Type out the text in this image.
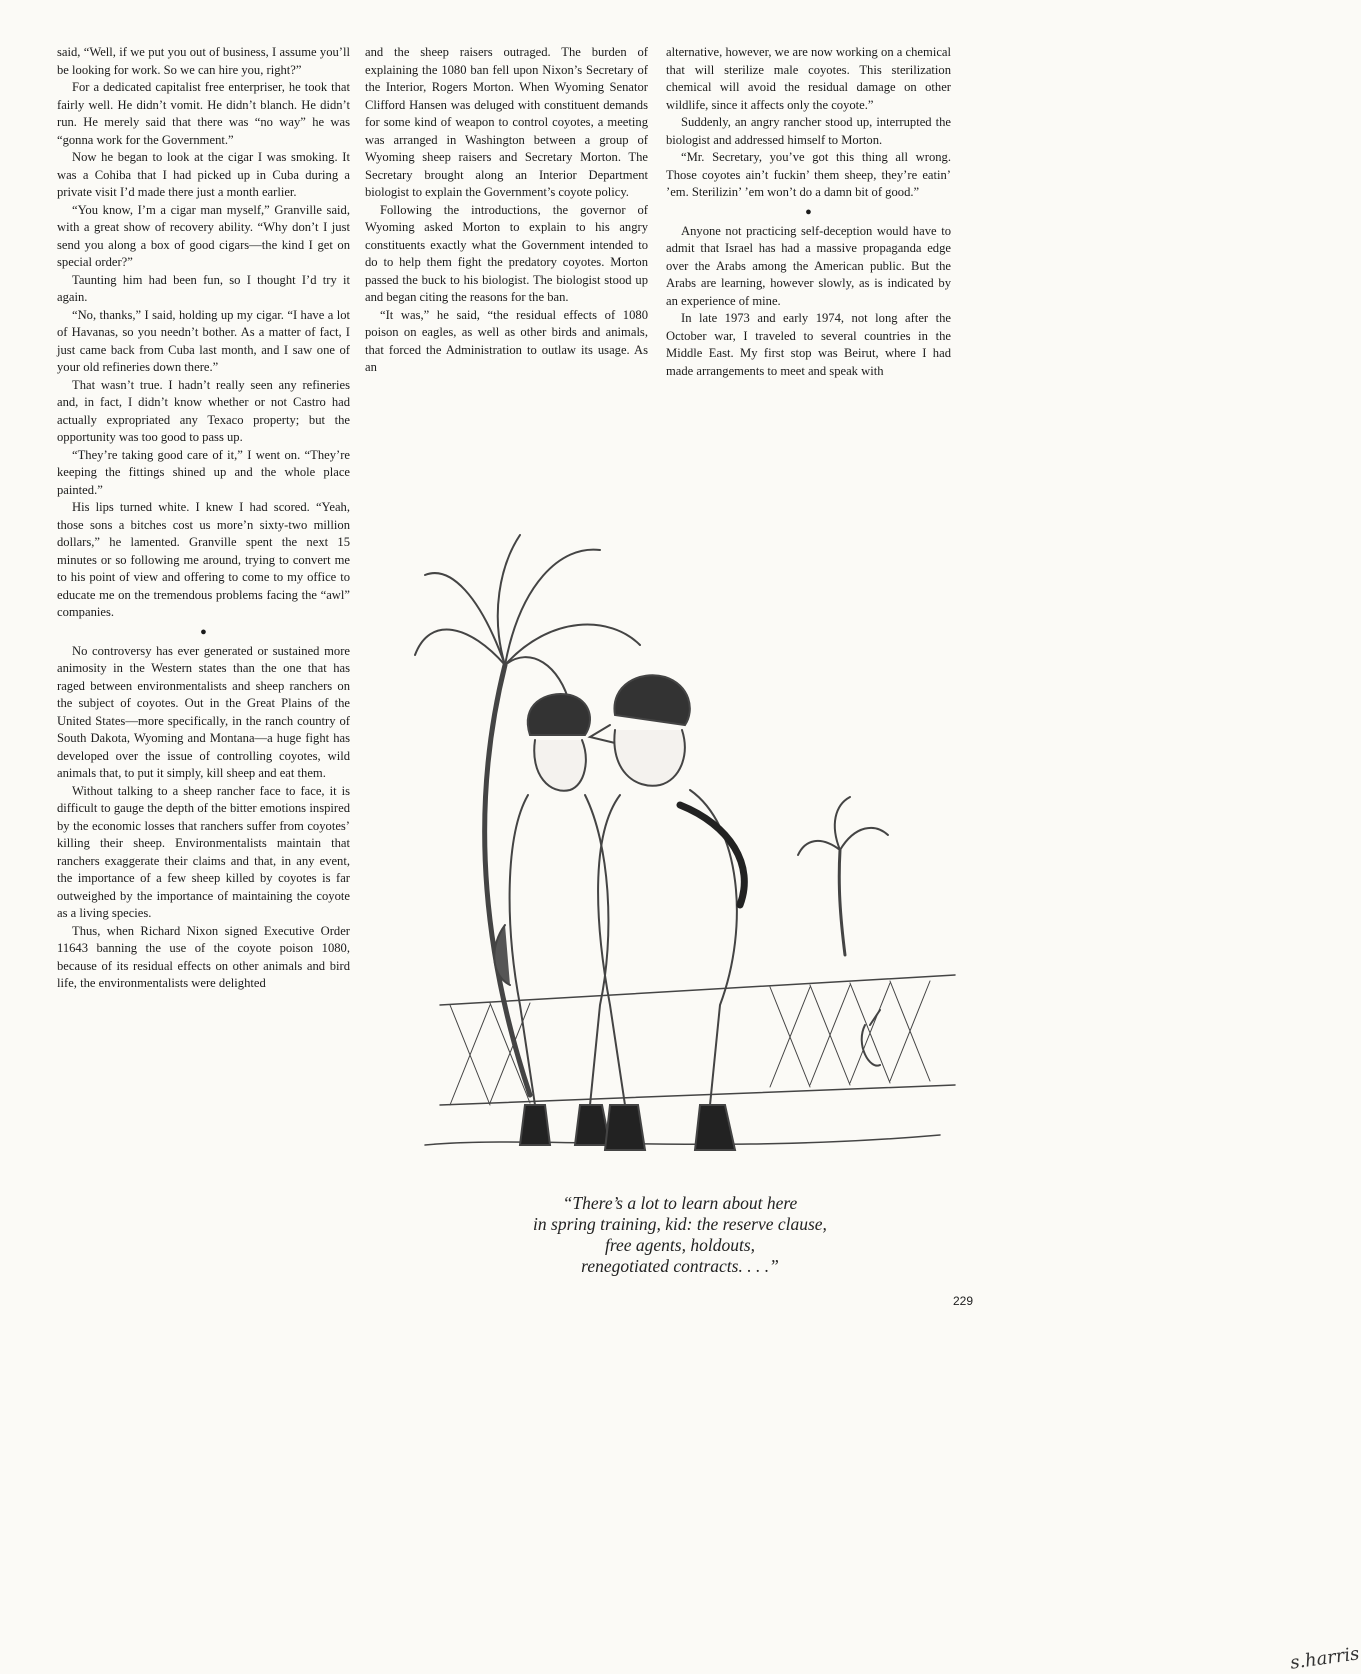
said, “Well, if we put you out of business, I assume you’ll be looking for work. So we can hire you, right?”

For a dedicated capitalist free enterpriser, he took that fairly well. He didn’t vomit. He didn’t blanch. He didn’t run. He merely said that there was “no way” he was “gonna work for the Government.”

Now he began to look at the cigar I was smoking. It was a Cohiba that I had picked up in Cuba during a private visit I’d made there just a month earlier.

“You know, I’m a cigar man myself,” Granville said, with a great show of recovery ability. “Why don’t I just send you along a box of good cigars—the kind I get on special order?”

Taunting him had been fun, so I thought I’d try it again.

“No, thanks,” I said, holding up my cigar. “I have a lot of Havanas, so you needn’t bother. As a matter of fact, I just came back from Cuba last month, and I saw one of your old refineries down there.”

That wasn’t true. I hadn’t really seen any refineries and, in fact, I didn’t know whether or not Castro had actually expropriated any Texaco property; but the opportunity was too good to pass up.

“They’re taking good care of it,” I went on. “They’re keeping the fittings shined up and the whole place painted.”

His lips turned white. I knew I had scored. “Yeah, those sons a bitches cost us more’n sixty-two million dollars,” he lamented. Granville spent the next 15 minutes or so following me around, trying to convert me to his point of view and offering to come to my office to educate me on the tremendous problems facing the “awl” companies.

●

No controversy has ever generated or sustained more animosity in the Western states than the one that has raged between environmentalists and sheep ranchers on the subject of coyotes. Out in the Great Plains of the United States—more specifically, in the ranch country of South Dakota, Wyoming and Montana—a huge fight has developed over the issue of controlling coyotes, wild animals that, to put it simply, kill sheep and eat them.

Without talking to a sheep rancher face to face, it is difficult to gauge the depth of the bitter emotions inspired by the economic losses that ranchers suffer from coyotes’ killing their sheep. Environmentalists maintain that ranchers exaggerate their claims and that, in any event, the importance of a few sheep killed by coyotes is far outweighed by the importance of maintaining the coyote as a living species.

Thus, when Richard Nixon signed Executive Order 11643 banning the use of the coyote poison 1080, because of its residual effects on other animals and bird life, the environmentalists were delighted

and the sheep raisers outraged. The burden of explaining the 1080 ban fell upon Nixon’s Secretary of the Interior, Rogers Morton. When Wyoming Senator Clifford Hansen was deluged with constituent demands for some kind of weapon to control coyotes, a meeting was arranged in Washington between a group of Wyoming sheep raisers and Secretary Morton. The Secretary brought along an Interior Department biologist to explain the Government’s coyote policy.

Following the introductions, the governor of Wyoming asked Morton to explain to his angry constituents exactly what the Government intended to do to help them fight the predatory coyotes. Morton passed the buck to his biologist. The biologist stood up and began citing the reasons for the ban.

“It was,” he said, “the residual effects of 1080 poison on eagles, as well as other birds and animals, that forced the Administration to outlaw its usage. As an

alternative, however, we are now working on a chemical that will sterilize male coyotes. This sterilization chemical will avoid the residual damage on other wildlife, since it affects only the coyote.”

Suddenly, an angry rancher stood up, interrupted the biologist and addressed himself to Morton.

“Mr. Secretary, you’ve got this thing all wrong. Those coyotes ain’t fuckin’ them sheep, they’re eatin’ ’em. Sterilizin’ ’em won’t do a damn bit of good.”

●

Anyone not practicing self-deception would have to admit that Israel has had a massive propaganda edge over the Arabs among the American public. But the Arabs are learning, however slowly, as is indicated by an experience of mine.

In late 1973 and early 1974, not long after the October war, I traveled to several countries in the Middle East. My first stop was Beirut, where I had made arrangements to meet and speak with

s.harris
“There’s a lot to learn about here
in spring training, kid: the reserve clause,
free agents, holdouts,
renegotiated contracts. . . .”
229
